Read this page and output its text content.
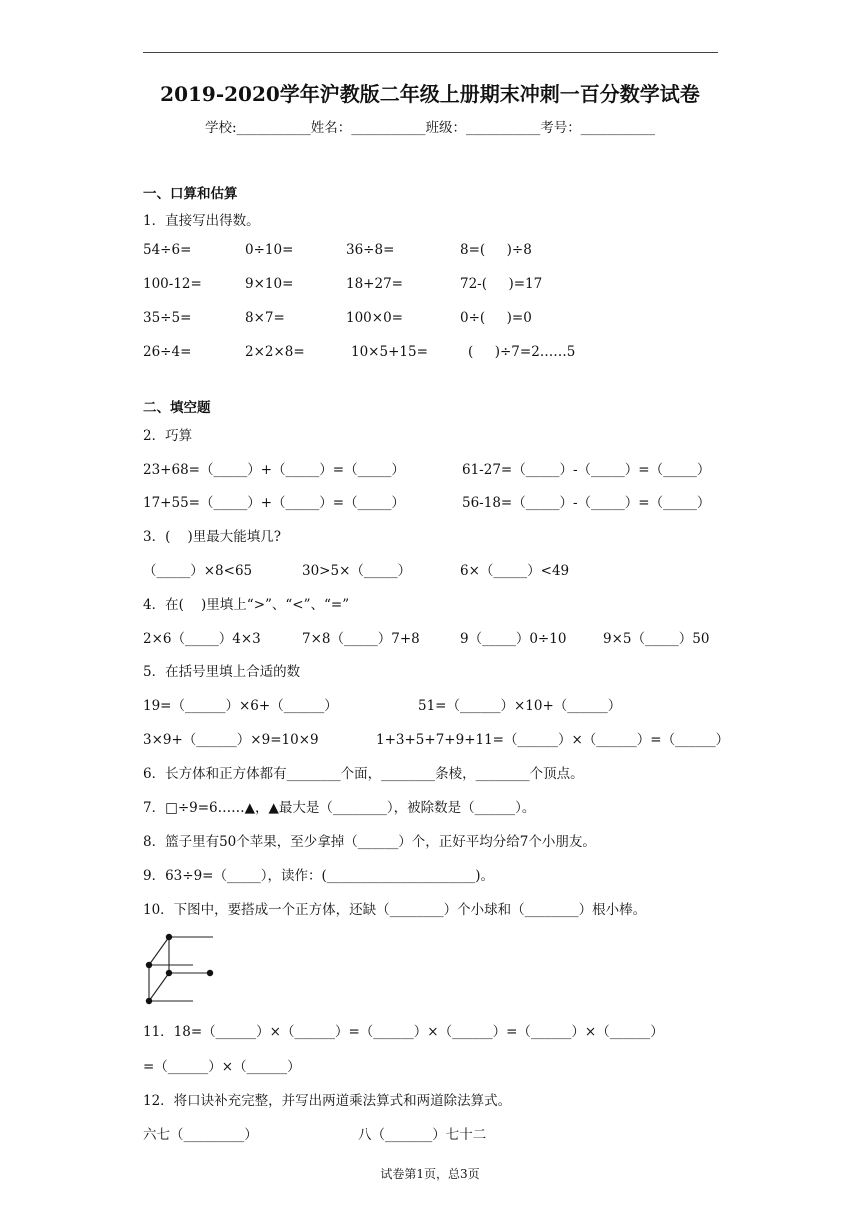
2019-2020学年沪教版二年级上册期末冲刺一百分数学试卷
学校:___________姓名：___________班级：___________考号：___________
一、口算和估算
1．直接写出得数。
54÷6=	0÷10=	36÷8=	8=(     )÷8
100-12=	9×10=	18+27=	72-(     )=17
35÷5=	8×7=	100×0=	0÷(     )=0
26÷4=	2×2×8=	10×5+15=	(     )÷7=2……5
二、填空题
2．巧算
23+68=（_____）+（_____）=（_____）	61-27=（_____）-（_____）=（_____）
17+55=（_____）+（_____）=（_____）	56-18=（_____）-（_____）=（_____）
3．(    )里最大能填几?
（_____）×8<65	30>5×（_____）	6×（_____）<49
4．在(    )里填上“>”、“<”、“=”
2×6（_____）4×3	7×8（_____）7+8	9（_____）0÷10	9×5（_____）50
5．在括号里填上合适的数
19=（______）×6+（______）	51=（______）×10+（______）
3×9+（______）×9=10×9	1+3+5+7+9+11=（______）×（______）=（______）
6．长方体和正方体都有________个面，________条棱，________个顶点。
7．□÷9=6……▲，▲最大是（________），被除数是（______）。
8．篮子里有50个苹果，至少拿掉（______）个，正好平均分给7个小朋友。
9．63÷9=（_____），读作：(______________________)。
10．下图中，要搭成一个正方体，还缺（________）个小球和（________）根小棒。
11．18=（______）×（______）=（______）×（______）=（______）×（______）
=（______）×（______）
12．将口诀补充完整，并写出两道乘法算式和两道除法算式。
六七（_________）	八（_______）七十二
试卷第1页，总3页
